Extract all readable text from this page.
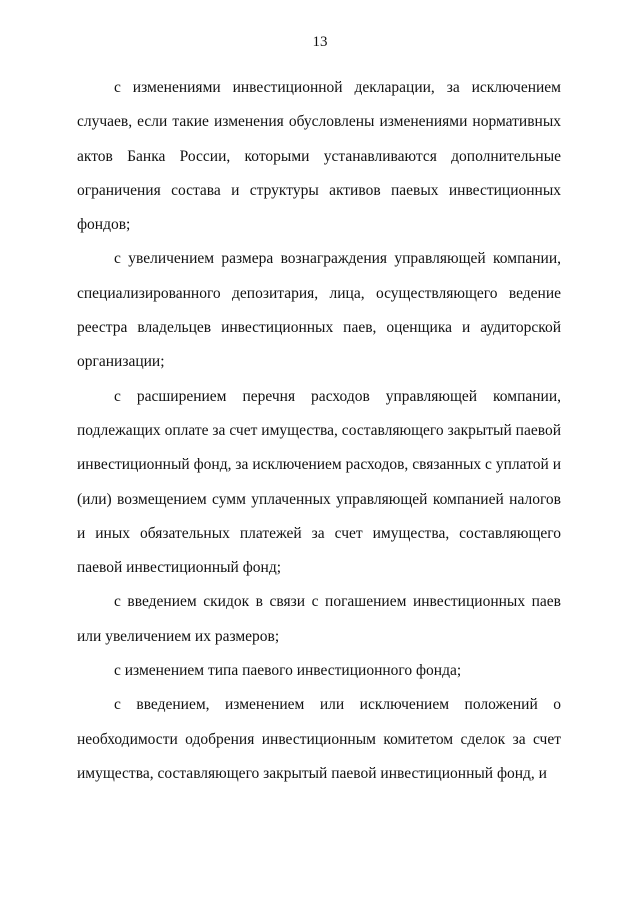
13

с изменениями инвестиционной декларации, за исключением случаев, если такие изменения обусловлены изменениями нормативных актов Банка России, которыми устанавливаются дополнительные ограничения состава и структуры активов паевых инвестиционных фондов;

с увеличением размера вознаграждения управляющей компании, специализированного депозитария, лица, осуществляющего ведение реестра владельцев инвестиционных паев, оценщика и аудиторской организации;

с расширением перечня расходов управляющей компании, подлежащих оплате за счет имущества, составляющего закрытый паевой инвестиционный фонд, за исключением расходов, связанных с уплатой и (или) возмещением сумм уплаченных управляющей компанией налогов и иных обязательных платежей за счет имущества, составляющего паевой инвестиционный фонд;

с введением скидок в связи с погашением инвестиционных паев или увеличением их размеров;

с изменением типа паевого инвестиционного фонда;

с введением, изменением или исключением положений о необходимости одобрения инвестиционным комитетом сделок за счет имущества, составляющего закрытый паевой инвестиционный фонд, и
